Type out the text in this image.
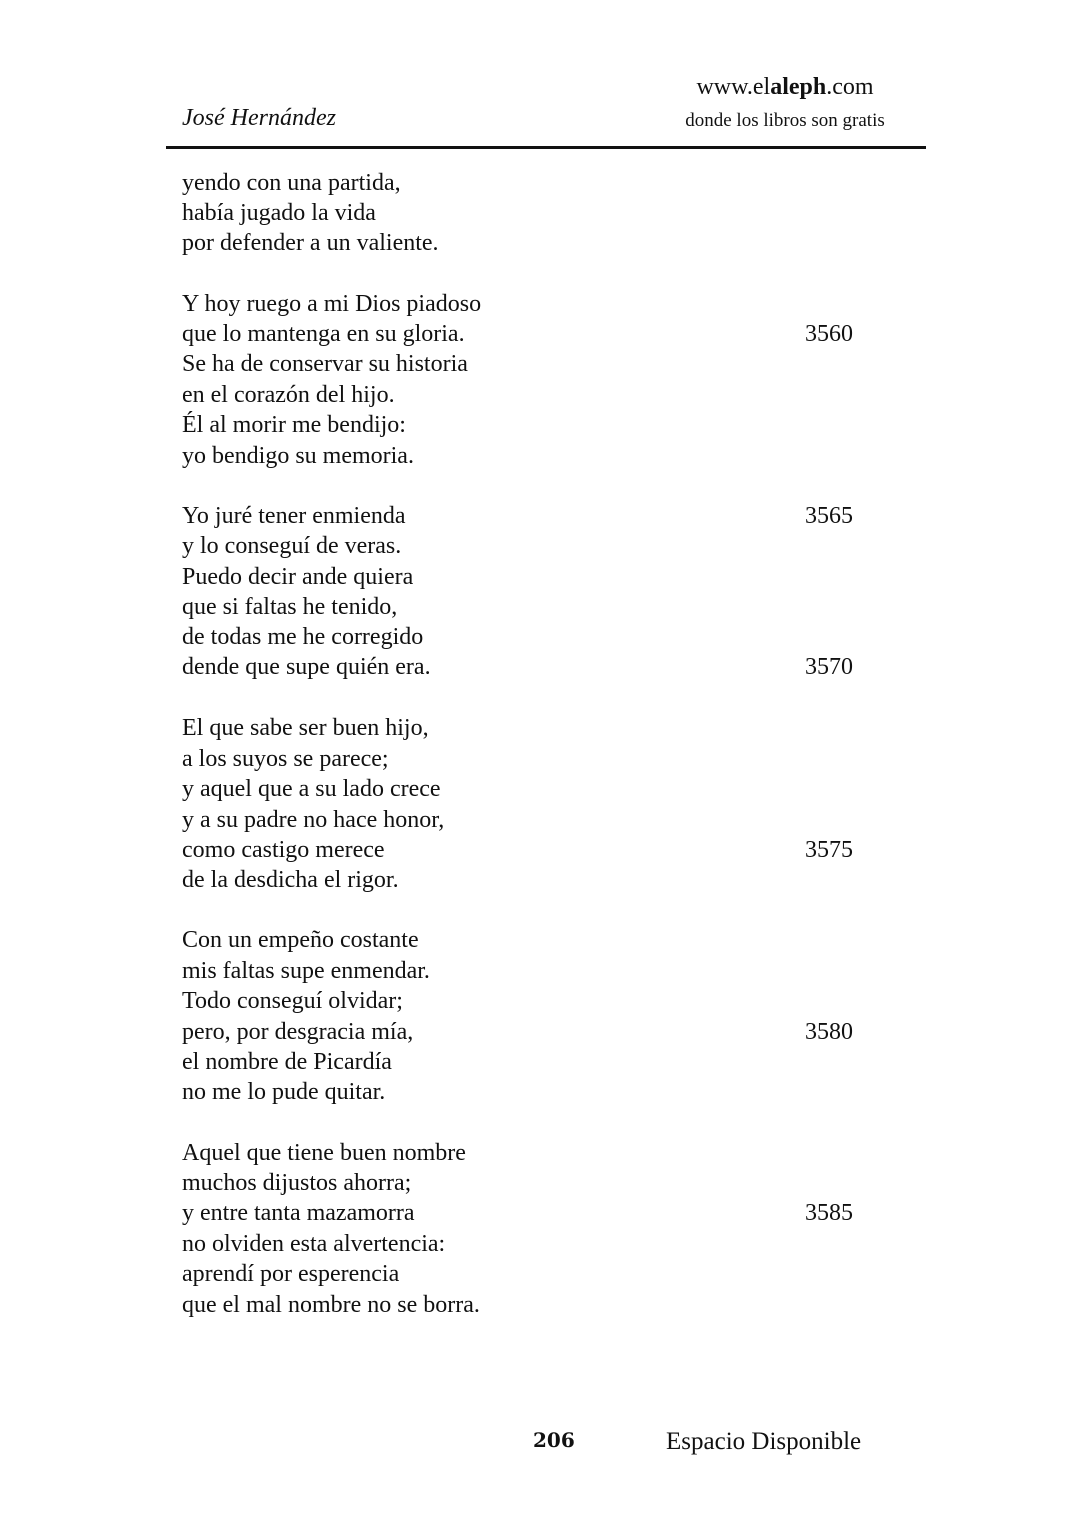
José Hernández
www.elaleph.com
donde los libros son gratis
yendo con una partida,
había jugado la vida
por defender a un valiente.
Y hoy ruego a mi Dios piadoso
que lo mantenga en su gloria.
Se ha de conservar su historia
en el corazón del hijo.
Él al morir me bendijo:
yo bendigo su memoria.
Yo juré tener enmienda
y lo conseguí de veras.
Puedo decir ande quiera
que si faltas he tenido,
de todas me he corregido
dende que supe quién era.
El que sabe ser buen hijo,
a los suyos se parece;
y aquel que a su lado crece
y a su padre no hace honor,
como castigo merece
de la desdicha el rigor.
Con un empeño costante
mis faltas supe enmendar.
Todo conseguí olvidar;
pero, por desgracia mía,
el nombre de Picardía
no me lo pude quitar.
Aquel que tiene buen nombre
muchos dijustos ahorra;
y entre tanta mazamorra
no olviden esta alvertencia:
aprendí por esperencia
que el mal nombre no se borra.
3560
3565
3570
3575
3580
3585
206	Espacio Disponible
